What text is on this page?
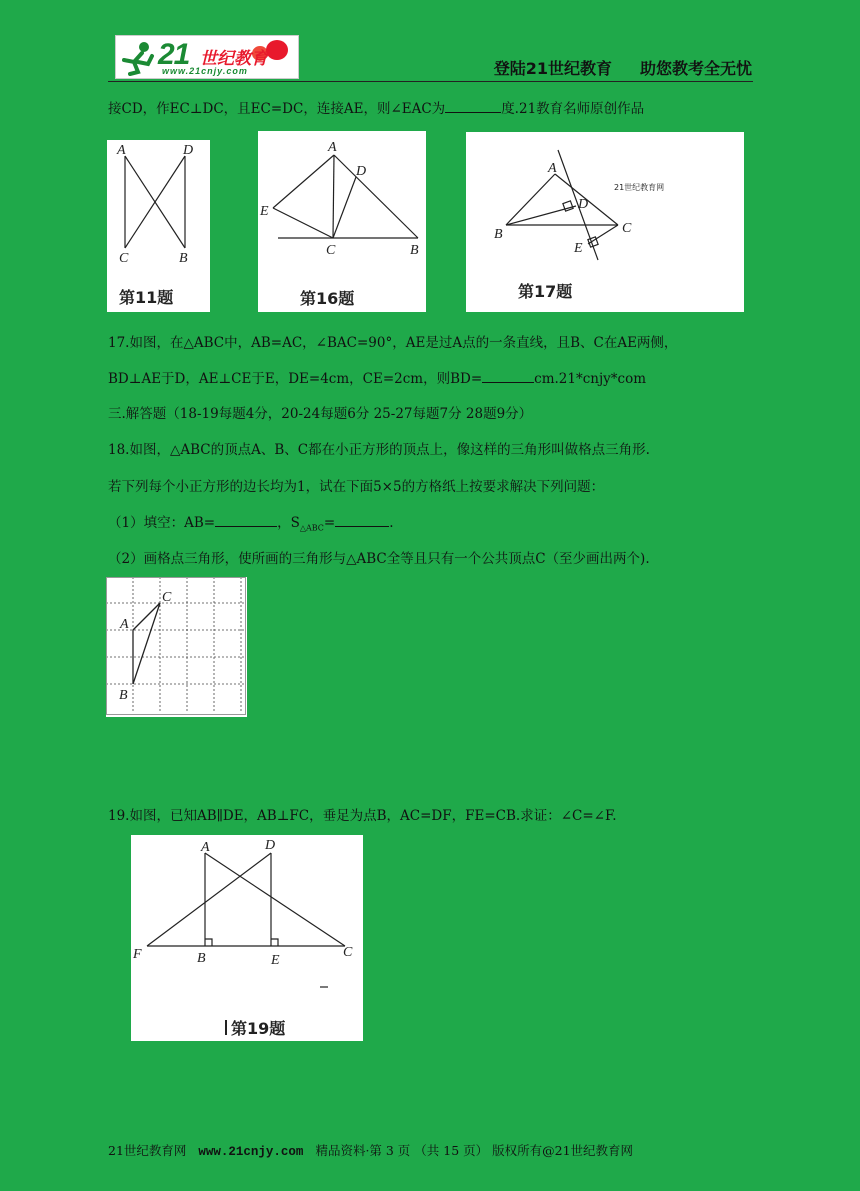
21 世纪教育
www.21cnjy.com	登陆21世纪教育 助您教考全无忧
接CD，作EC⊥DC，且EC=DC，连接AE，则∠EAC为	度.21教育名师原创作品
A	D
C	B
第11题
A
D
E
C	B
第16题
A
D
B
E
C
21世纪教育网
第17题
17.如图，在△ABC中，AB=AC，∠BAC=90°，AE是过A点的一条直线，且B、C在AE两侧，
BD⊥AE于D，AE⊥CE于E，DE=4cm，CE=2cm，则BD=	cm.21*cnjy*com
三.解答题（18-19每题4分，20-24每题6分 25-27每题7分 28题9分）
18.如图，△ABC的顶点A、B、C都在小正方形的顶点上，像这样的三角形叫做格点三角形.
若下列每个小正方形的边长均为1，试在下面5×5的方格纸上按要求解决下列问题：
（1）填空：AB=	，$S_{\triangle ABC}=$	.
（2）画格点三角形，使所画的三角形与△ABC全等且只有一个公共顶点C（至少画出两个).
A
B
C
19.如图，已知AB∥DE，AB⊥FC，垂足为点B，AC=DF，FE=CB.求证：∠C=∠F.
A	D
F	B	E
C
第19题
21世纪教育网 www.21cnjy.com 精品资料·第 3 页 （共 15 页） 版权所有@21世纪教育网
